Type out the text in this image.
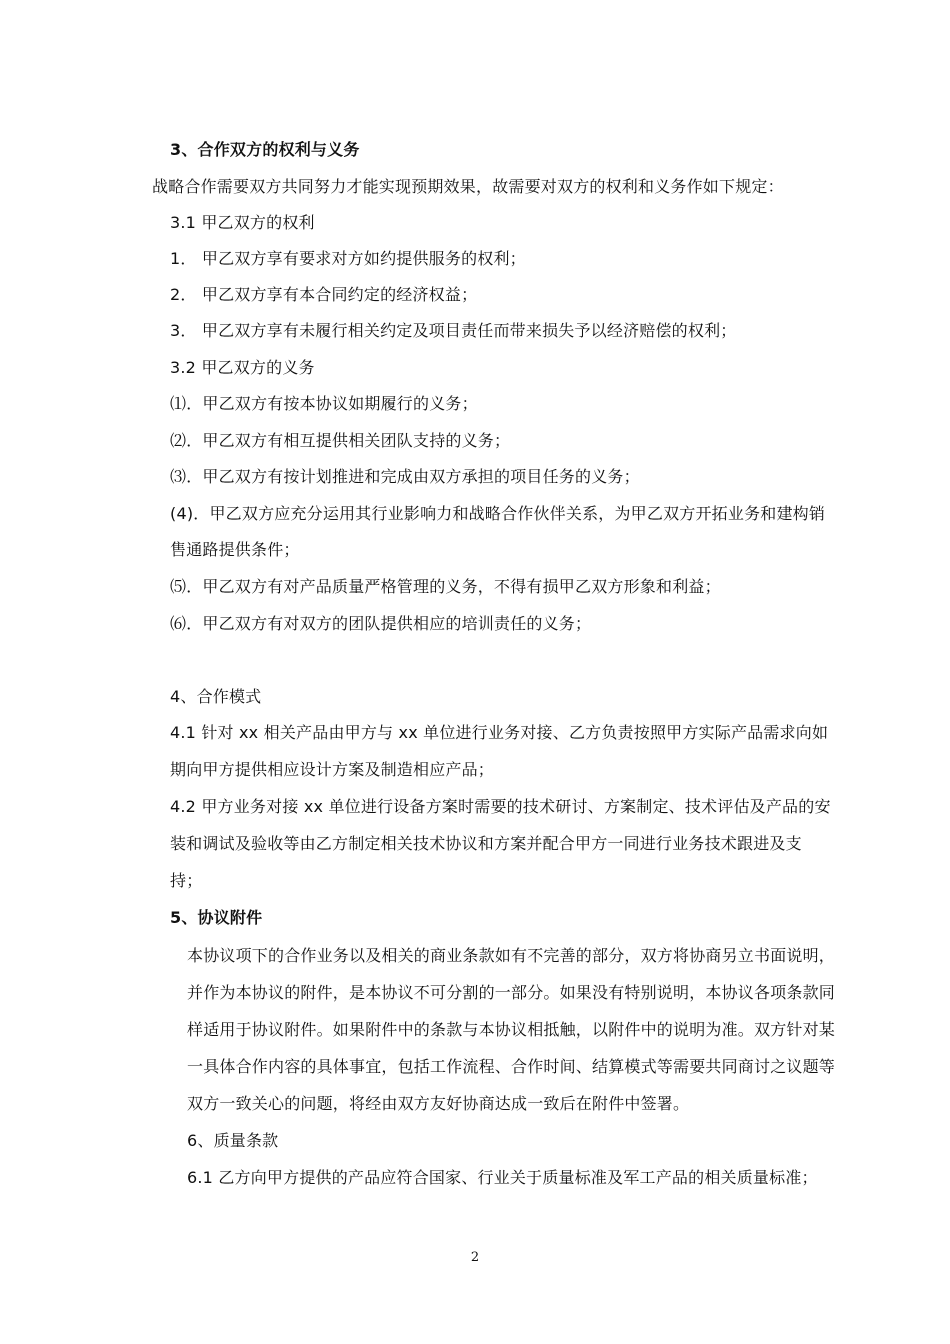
3、合作双方的权利与义务
战略合作需要双方共同努力才能实现预期效果，故需要对双方的权利和义务作如下规定：
3.1 甲乙双方的权利
1． 甲乙双方享有要求对方如约提供服务的权利；
2． 甲乙双方享有本合同约定的经济权益；
3． 甲乙双方享有未履行相关约定及项目责任而带来损失予以经济赔偿的权利；
3.2 甲乙双方的义务
⑴．甲乙双方有按本协议如期履行的义务；
⑵．甲乙双方有相互提供相关团队支持的义务；
⑶．甲乙双方有按计划推进和完成由双方承担的项目任务的义务；
(4)．甲乙双方应充分运用其行业影响力和战略合作伙伴关系，为甲乙双方开拓业务和建构销
售通路提供条件；
⑸．甲乙双方有对产品质量严格管理的义务，不得有损甲乙双方形象和利益；
⑹．甲乙双方有对双方的团队提供相应的培训责任的义务；
4、合作模式
4.1 针对 xx 相关产品由甲方与 xx 单位进行业务对接、乙方负责按照甲方实际产品需求向如
期向甲方提供相应设计方案及制造相应产品；
4.2 甲方业务对接 xx 单位进行设备方案时需要的技术研讨、方案制定、技术评估及产品的安
装和调试及验收等由乙方制定相关技术协议和方案并配合甲方一同进行业务技术跟进及支
持；
5、协议附件
本协议项下的合作业务以及相关的商业条款如有不完善的部分，双方将协商另立书面说明，
并作为本协议的附件，是本协议不可分割的一部分。如果没有特别说明，本协议各项条款同
样适用于协议附件。如果附件中的条款与本协议相抵触，以附件中的说明为准。双方针对某
一具体合作内容的具体事宜，包括工作流程、合作时间、结算模式等需要共同商讨之议题等
双方一致关心的问题，将经由双方友好协商达成一致后在附件中签署。
6、质量条款
6.1 乙方向甲方提供的产品应符合国家、行业关于质量标准及军工产品的相关质量标准；
2
